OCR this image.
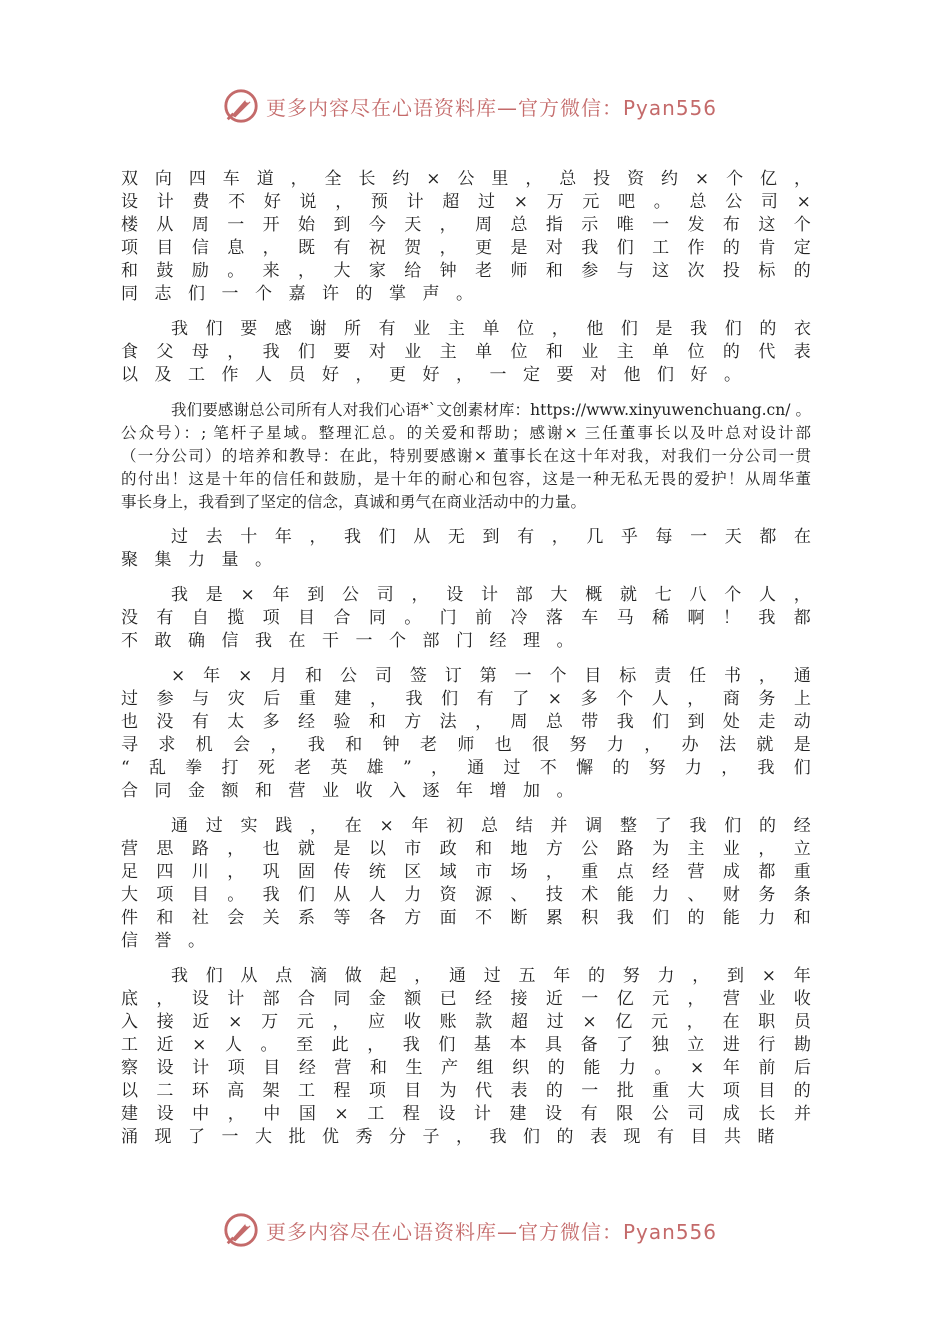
更多内容尽在心语资料库—官方微信：Pyan556
双 向 四 车 道 ， 全 长 约 × 公 里 ， 总 投 资 约 × 个 亿 ，
设 计 费 不 好 说 ， 预 计 超 过 × 万 元 吧 。 总 公 司 ×
楼 从 周 一 开 始 到 今 天 ， 周 总 指 示 唯 一 发 布 这 个
项 目 信 息 ， 既 有 祝 贺 ， 更 是 对 我 们 工 作 的 肯 定
和 鼓 励 。 来 ， 大 家 给 钟 老 师 和 参 与 这 次 投 标 的
同 志 们 一 个 嘉 许 的 掌 声 。
我 们 要 感 谢 所 有 业 主 单 位 ， 他 们 是 我 们 的 衣
食 父 母 ， 我 们 要 对 业 主 单 位 和 业 主 单 位 的 代 表
以 及 工 作 人 员 好 ， 更 好 ， 一 定 要 对 他 们 好 。
我们要感谢总公司所有人对我们心语*`文创素材库：https://www.xinyuwenchuang.cn/ 。
公众号）：; 笔杆子星域。整理汇总。的关爱和帮助；感谢× 三任董事长以及叶总对设计部
（一分公司）的培养和教导：在此，特别要感谢× 董事长在这十年对我，对我们一分公司一贯
的付出！这是十年的信任和鼓励，是十年的耐心和包容，这是一种无私无畏的爱护！从周华董
事长身上，我看到了坚定的信念，真诚和勇气在商业活动中的力量。
过 去 十 年 ， 我 们 从 无 到 有 ， 几 乎 每 一 天 都 在
聚 集 力 量 。
我 是 × 年 到 公 司 ， 设 计 部 大 概 就 七 八 个 人 ，
没 有 自 揽 项 目 合 同 。 门 前 冷 落 车 马 稀 啊 ！ 我 都
不 敢 确 信 我 在 干 一 个 部 门 经 理 。
× 年 × 月 和 公 司 签 订 第 一 个 目 标 责 任 书 ， 通
过 参 与 灾 后 重 建 ， 我 们 有 了 × 多 个 人 ， 商 务 上
也 没 有 太 多 经 验 和 方 法 ， 周 总 带 我 们 到 处 走 动
寻 求 机 会 ， 我 和 钟 老 师 也 很 努 力 ， 办 法 就 是
“ 乱 拳 打 死 老 英 雄 ” ， 通 过 不 懈 的 努 力 ， 我 们
合 同 金 额 和 营 业 收 入 逐 年 增 加 。
通 过 实 践 ， 在 × 年 初 总 结 并 调 整 了 我 们 的 经
营 思 路 ， 也 就 是 以 市 政 和 地 方 公 路 为 主 业 ， 立
足 四 川 ， 巩 固 传 统 区 域 市 场 ， 重 点 经 营 成 都 重
大 项 目 。 我 们 从 人 力 资 源 、 技 术 能 力 、 财 务 条
件 和 社 会 关 系 等 各 方 面 不 断 累 积 我 们 的 能 力 和
信 誉 。
我 们 从 点 滴 做 起 ， 通 过 五 年 的 努 力 ， 到 × 年
底 ， 设 计 部 合 同 金 额 已 经 接 近 一 亿 元 ， 营 业 收
入 接 近 × 万 元 ， 应 收 账 款 超 过 × 亿 元 ， 在 职 员
工 近 × 人 。 至 此 ， 我 们 基 本 具 备 了 独 立 进 行 勘
察 设 计 项 目 经 营 和 生 产 组 织 的 能 力 。 × 年 前 后
以 二 环 高 架 工 程 项 目 为 代 表 的 一 批 重 大 项 目 的
建 设 中 ， 中 国 × 工 程 设 计 建 设 有 限 公 司 成 长 并
涌 现 了 一 大 批 优 秀 分 子 ， 我 们 的 表 现 有 目 共 睹
更多内容尽在心语资料库—官方微信：Pyan556
